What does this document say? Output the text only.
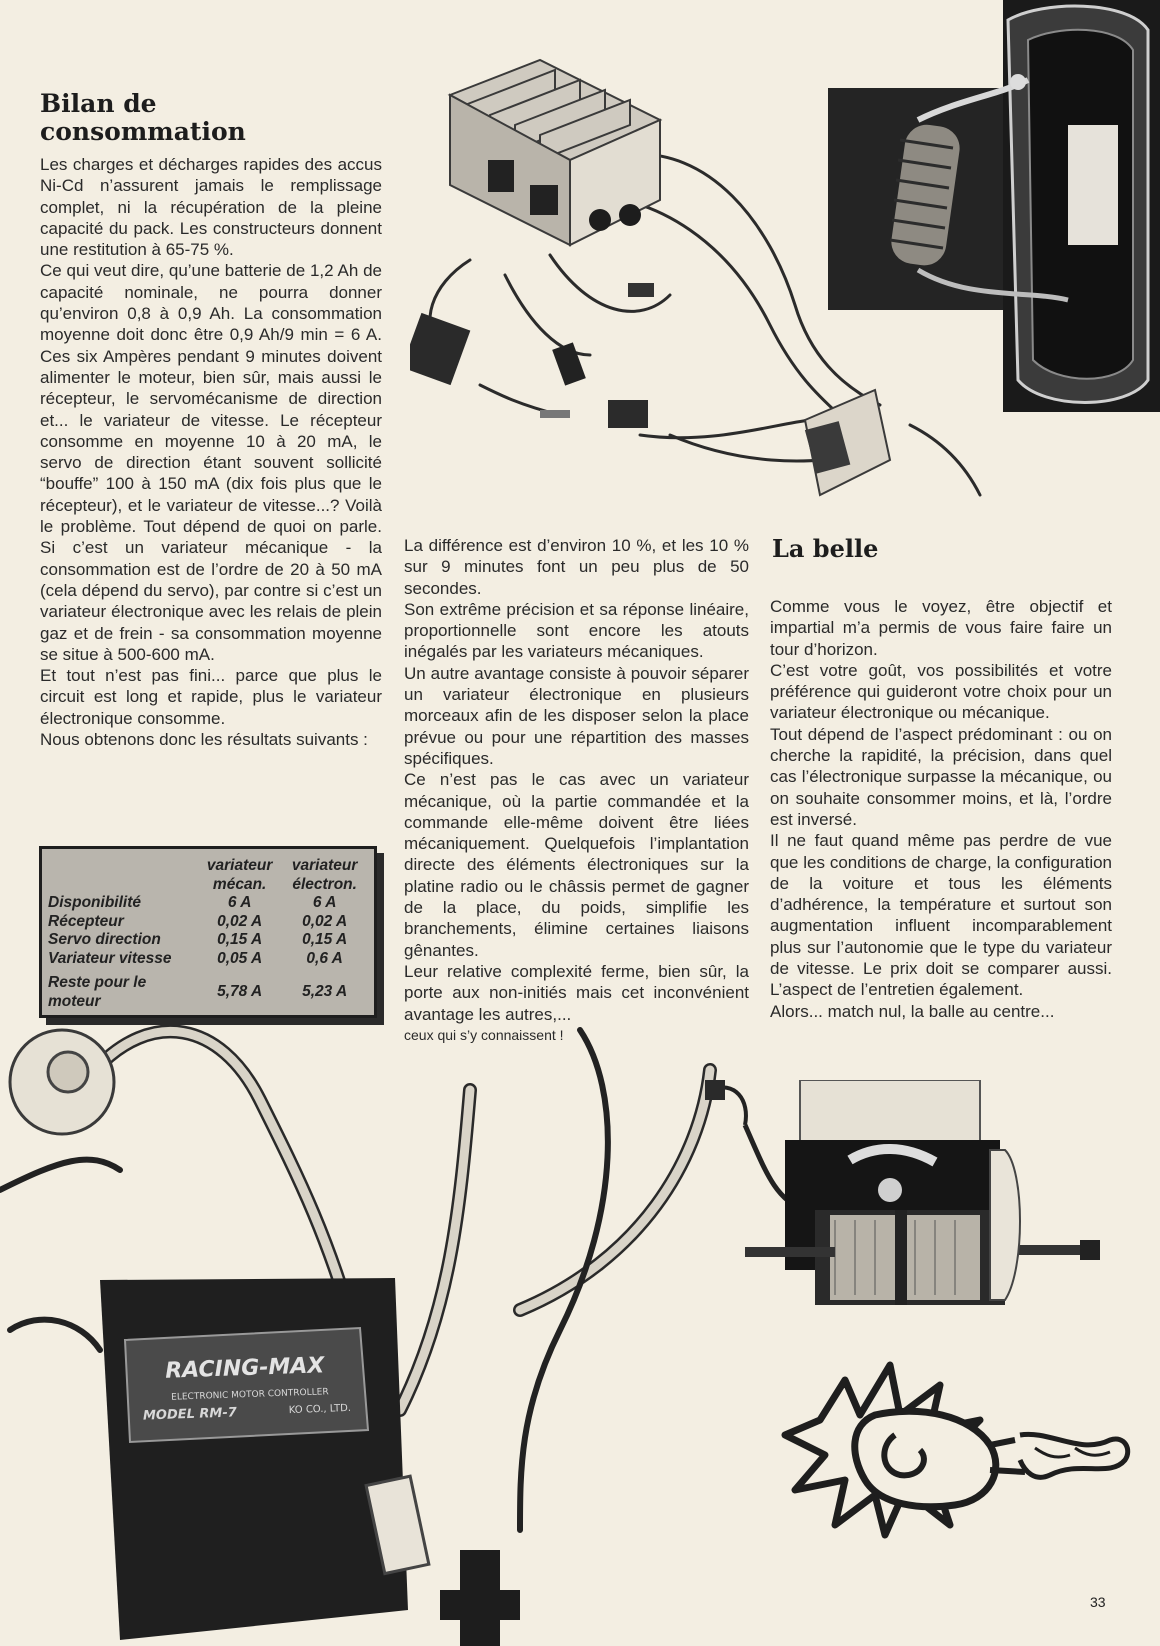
RACING-MAX
ELECTRONIC MOTOR CONTROLLER
MODEL RM-7	KO CO., LTD.
Bilan de consommation

Les charges et décharges rapides des accus Ni-Cd n’assurent jamais le remplissage complet, ni la récupération de la pleine capacité du pack. Les constructeurs donnent une restitution à 65-75 %.

Ce qui veut dire, qu’une batterie de 1,2 Ah de capacité nominale, ne pourra donner qu’environ 0,8 à 0,9 Ah. La consommation moyenne doit donc être 0,9 Ah/9 min = 6 A. Ces six Ampères pendant 9 minutes doivent alimenter le moteur, bien sûr, mais aussi le récepteur, le servomécanisme de direction et... le variateur de vitesse. Le récepteur consomme en moyenne 10 à 20 mA, le servo de direction étant souvent sollicité “bouffe” 100 à 150 mA (dix fois plus que le récepteur), et le variateur de vitesse...? Voilà le problème. Tout dépend de quoi on parle. Si c’est un variateur mécanique - la consommation est de l’ordre de 20 à 50 mA (cela dépend du servo), par contre si c’est un variateur électronique avec les relais de plein gaz et de frein - sa consommation moyenne se situe à 500-600 mA.

Et tout n’est pas fini... parce que plus le circuit est long et rapide, plus le variateur électronique consomme.

Nous obtenons donc les résultats suivants :

	variateur mécan.	variateur électron.
Disponibilité	6 A	6 A
Récepteur	0,02 A	0,02 A
Servo direction	0,15 A	0,15 A
Variateur vitesse	0,05 A	0,6 A
Reste pour le moteur	5,78 A	5,23 A

La différence est d’environ 10 %, et les 10 % sur 9 minutes font un peu plus de 50 secondes.

Son extrême précision et sa réponse linéaire, proportionnelle sont encore les atouts inégalés par les variateurs mécaniques.

Un autre avantage consiste à pouvoir séparer un variateur électronique en plusieurs morceaux afin de les disposer selon la place prévue ou pour une répartition des masses spécifiques.

Ce n’est pas le cas avec un variateur mécanique, où la partie commandée et la commande elle-même doivent être liées mécaniquement. Quelquefois l’implantation directe des éléments électroniques sur la platine radio ou le châssis permet de gagner de la place, du poids, simplifie les branchements, élimine certaines liaisons gênantes.

Leur relative complexité ferme, bien sûr, la porte aux non-initiés mais cet inconvénient avantage les autres,...

ceux qui s’y connaissent !

La belle

Comme vous le voyez, être objectif et impartial m’a permis de vous faire faire un tour d’horizon.

C’est votre goût, vos possibilités et votre préférence qui guideront votre choix pour un variateur électronique ou mécanique.

Tout dépend de l’aspect prédominant : ou on cherche la rapidité, la précision, dans quel cas l’électronique surpasse la mécanique, ou on souhaite consommer moins, et là, l’ordre est inversé.

Il ne faut quand même pas perdre de vue que les conditions de charge, la configuration de la voiture et tous les éléments d’adhérence, la température et surtout son augmentation influent incomparablement plus sur l’autonomie que le type du variateur de vitesse. Le prix doit se comparer aussi. L’aspect de l’entretien également.

Alors... match nul, la balle au centre...

33
